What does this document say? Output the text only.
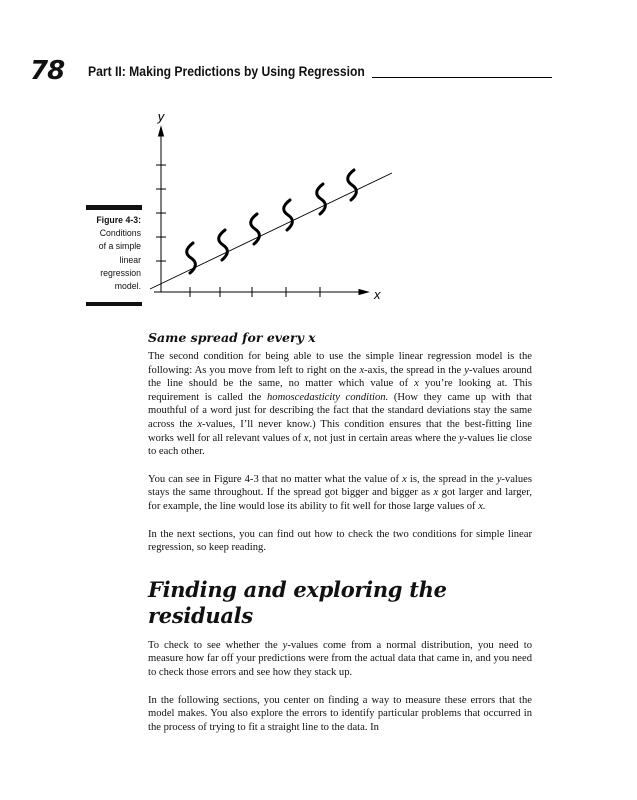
78 Part II: Making Predictions by Using Regression
Figure 4-3:
Conditions
of a simple
linear
regression
model.
y
x
Same spread for every x

The second condition for being able to use the simple linear regression model is the following: As you move from left to right on the x-axis, the spread in the y-values around the line should be the same, no matter which value of x you’re looking at. This requirement is called the homoscedasticity condition. (How they came up with that mouthful of a word just for describing the fact that the standard deviations stay the same across the x-values, I’ll never know.) This condition ensures that the best-fitting line works well for all relevant values of x, not just in certain areas where the y-values lie close to each other.

You can see in Figure 4-3 that no matter what the value of x is, the spread in the y-values stays the same throughout. If the spread got bigger and bigger as x got larger and larger, for example, the line would lose its ability to fit well for those large values of x.

In the next sections, you can find out how to check the two conditions for simple linear regression, so keep reading.

Finding and exploring the residuals

To check to see whether the y-values come from a normal distribution, you need to measure how far off your predictions were from the actual data that came in, and you need to check those errors and see how they stack up.

In the following sections, you center on finding a way to measure these errors that the model makes. You also explore the errors to identify particular problems that occurred in the process of trying to fit a straight line to the data. In
